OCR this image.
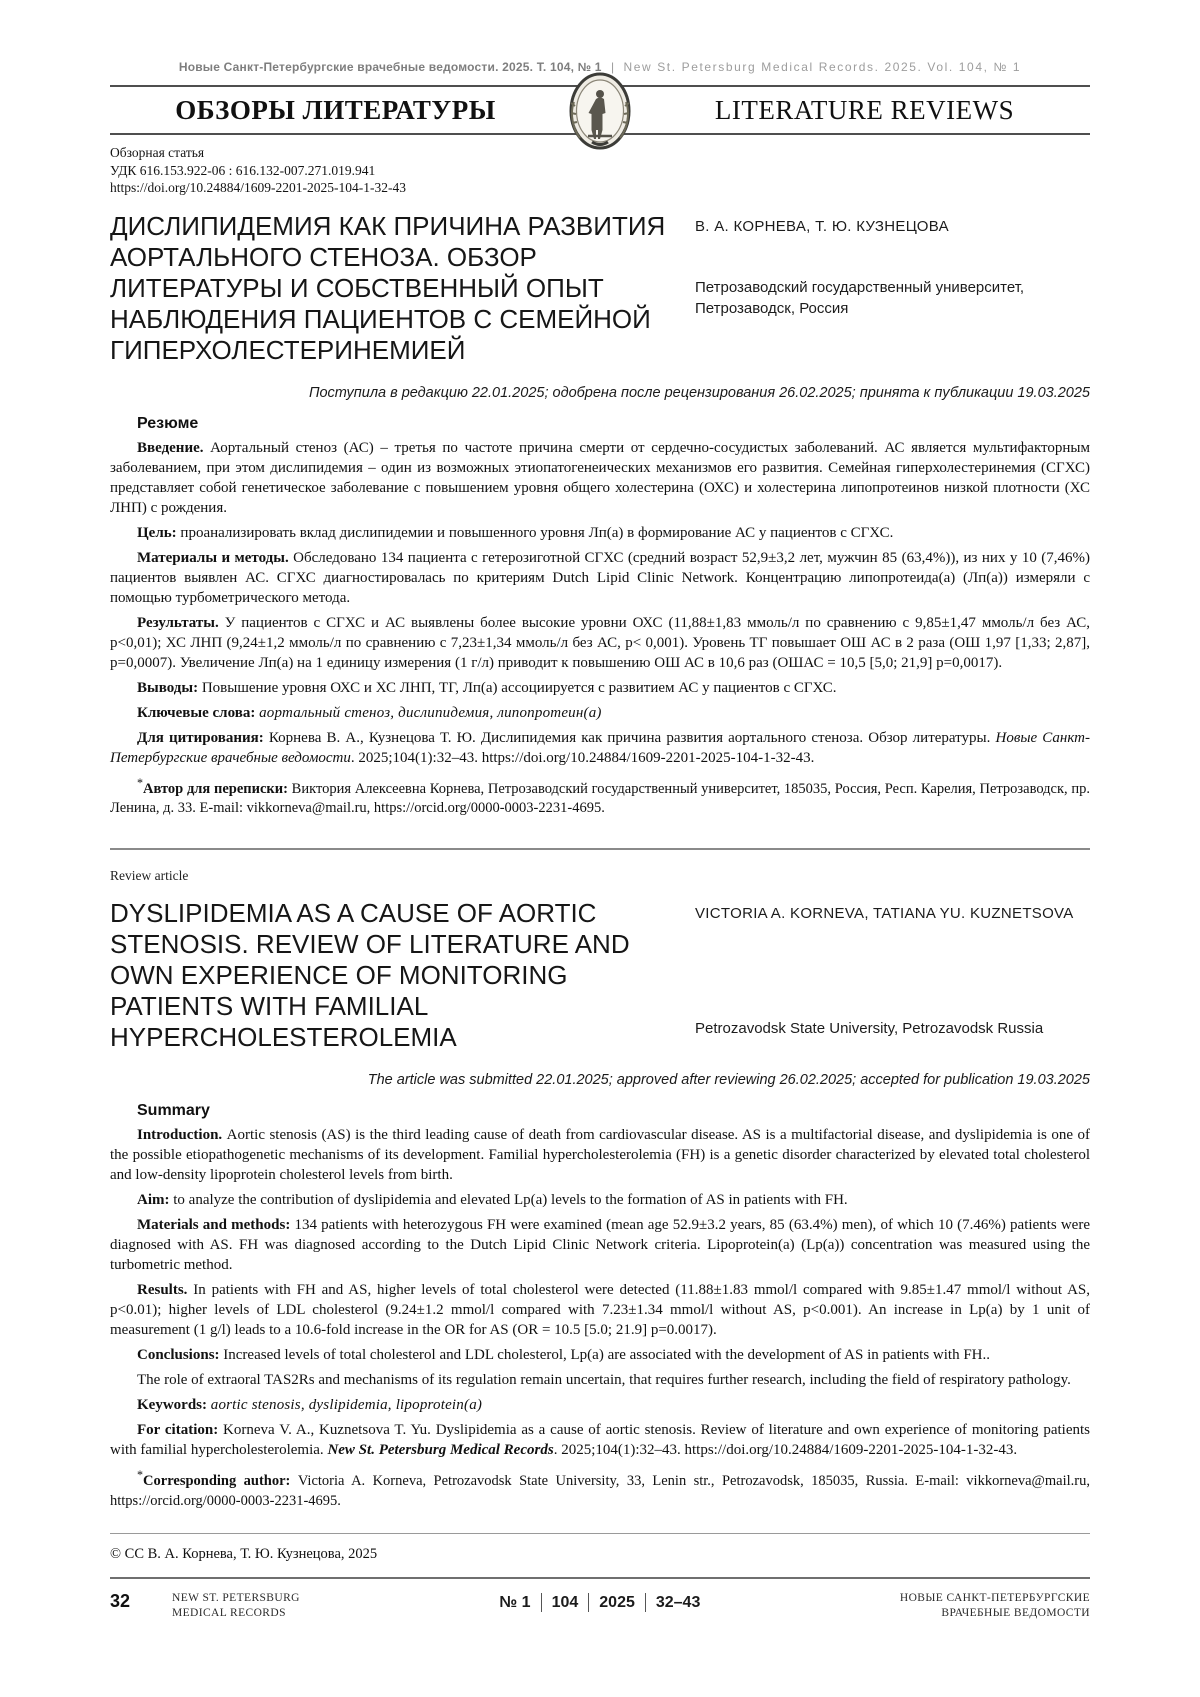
Новые Санкт-Петербургские врачебные ведомости. 2025. Т. 104, № 1 | New St. Petersburg Medical Records. 2025. Vol. 104, № 1
ОБЗОРЫ ЛИТЕРАТУРЫ	LITERATURE REVIEWS
Обзорная статья
УДК 616.153.922-06 : 616.132-007.271.019.941
https://doi.org/10.24884/1609-2201-2025-104-1-32-43
ДИСЛИПИДЕМИЯ КАК ПРИЧИНА РАЗВИТИЯ АОРТАЛЬНОГО СТЕНОЗА. ОБЗОР ЛИТЕРАТУРЫ И СОБСТВЕННЫЙ ОПЫТ НАБЛЮДЕНИЯ ПАЦИЕНТОВ С СЕМЕЙНОЙ ГИПЕРХОЛЕСТЕРИНЕМИЕЙ
В. А. КОРНЕВА, Т. Ю. КУЗНЕЦОВА
Петрозаводский государственный университет, Петрозаводск, Россия
Поступила в редакцию 22.01.2025; одобрена после рецензирования 26.02.2025; принята к публикации 19.03.2025
Резюме

Введение. Аортальный стеноз (АС) – третья по частоте причина смерти от сердечно-сосудистых заболеваний. АС является мультифакторным заболеванием, при этом дислипидемия – один из возможных этиопатогенеических механизмов его развития. Семейная гиперхолестеринемия (СГХС) представляет собой генетическое заболевание с повышением уровня общего холестерина (ОХС) и холестерина липопротеинов низкой плотности (ХС ЛНП) с рождения.

Цель: проанализировать вклад дислипидемии и повышенного уровня Лп(а) в формирование АС у пациентов с СГХС.

Материалы и методы. Обследовано 134 пациента с гетерозиготной СГХС (средний возраст 52,9±3,2 лет, мужчин 85 (63,4%)), из них у 10 (7,46%) пациентов выявлен АС. СГХС диагностировалась по критериям Dutch Lipid Clinic Network. Концентрацию липопротеида(а) (Лп(а)) измеряли с помощью турбометрического метода.

Результаты. У пациентов с СГХС и АС выявлены более высокие уровни ОХС (11,88±1,83 ммоль/л по сравнению с 9,85±1,47 ммоль/л без АС, p<0,01); ХС ЛНП (9,24±1,2 ммоль/л по сравнению с 7,23±1,34 ммоль/л без АС, p< 0,001). Уровень ТГ повышает ОШ АС в 2 раза (ОШ 1,97 [1,33; 2,87], p=0,0007). Увеличение Лп(а) на 1 единицу измерения (1 г/л) приводит к повышению ОШ АС в 10,6 раз (ОШАС = 10,5 [5,0; 21,9] p=0,0017).

Выводы: Повышение уровня ОХС и ХС ЛНП, ТГ, Лп(а) ассоциируется с развитием АС у пациентов с СГХС.

Ключевые слова: аортальный стеноз, дислипидемия, липопротеин(а)

Для цитирования: Корнева В. А., Кузнецова Т. Ю. Дислипидемия как причина развития аортального стеноза. Обзор литературы. Новые Санкт-Петербургские врачебные ведомости. 2025;104(1):32–43. https://doi.org/10.24884/1609-2201-2025-104-1-32-43.

*Автор для переписки: Виктория Алексеевна Корнева, Петрозаводский государственный университет, 185035, Россия, Респ. Карелия, Петрозаводск, пр. Ленина, д. 33. E-mail: vikkorneva@mail.ru, https://orcid.org/0000-0003-2231-4695.

Review article
DYSLIPIDEMIA AS A CAUSE OF AORTIC STENOSIS. REVIEW OF LITERATURE AND OWN EXPERIENCE OF MONITORING PATIENTS WITH FAMILIAL HYPERCHOLESTEROLEMIA
VICTORIA A. KORNEVA, TATIANA YU. KUZNETSOVA
Petrozavodsk State University, Petrozavodsk Russia
The article was submitted 22.01.2025; approved after reviewing 26.02.2025; accepted for publication 19.03.2025
Summary

Introduction. Aortic stenosis (AS) is the third leading cause of death from cardiovascular disease. AS is a multifactorial disease, and dyslipidemia is one of the possible etiopathogenetic mechanisms of its development. Familial hypercholesterolemia (FH) is a genetic disorder characterized by elevated total cholesterol and low-density lipoprotein cholesterol levels from birth.

Aim: to analyze the contribution of dyslipidemia and elevated Lp(a) levels to the formation of AS in patients with FH.

Materials and methods: 134 patients with heterozygous FH were examined (mean age 52.9±3.2 years, 85 (63.4%) men), of which 10 (7.46%) patients were diagnosed with AS. FH was diagnosed according to the Dutch Lipid Clinic Network criteria. Lipoprotein(a) (Lp(a)) concentration was measured using the turbometric method.

Results. In patients with FH and AS, higher levels of total cholesterol were detected (11.88±1.83 mmol/l compared with 9.85±1.47 mmol/l without AS, p<0.01); higher levels of LDL cholesterol (9.24±1.2 mmol/l compared with 7.23±1.34 mmol/l without AS, p<0.001). An increase in Lp(a) by 1 unit of measurement (1 g/l) leads to a 10.6-fold increase in the OR for AS (OR = 10.5 [5.0; 21.9] p=0.0017).

Conclusions: Increased levels of total cholesterol and LDL cholesterol, Lp(a) are associated with the development of AS in patients with FH..

The role of extraoral TAS2Rs and mechanisms of its regulation remain uncertain, that requires further research, including the field of respiratory pathology.

Keywords: aortic stenosis, dyslipidemia, lipoprotein(a)

For citation: Korneva V. A., Kuznetsova T. Yu. Dyslipidemia as a cause of aortic stenosis. Review of literature and own experience of monitoring patients with familial hypercholesterolemia. New St. Petersburg Medical Records. 2025;104(1):32–43. https://doi.org/10.24884/1609-2201-2025-104-1-32-43.

*Corresponding author: Victoria A. Korneva, Petrozavodsk State University, 33, Lenin str., Petrozavodsk, 185035, Russia. E-mail: vikkorneva@mail.ru, https://orcid.org/0000-0003-2231-4695.

© СС В. А. Корнева, Т. Ю. Кузнецова, 2025
32	NEW ST. PETERSBURG
MEDICAL RECORDS
№ 1 104 2025 32–43	НОВЫЕ САНКТ-ПЕТЕРБУРГСКИЕ
ВРАЧЕБНЫЕ ВЕДОМОСТИ
